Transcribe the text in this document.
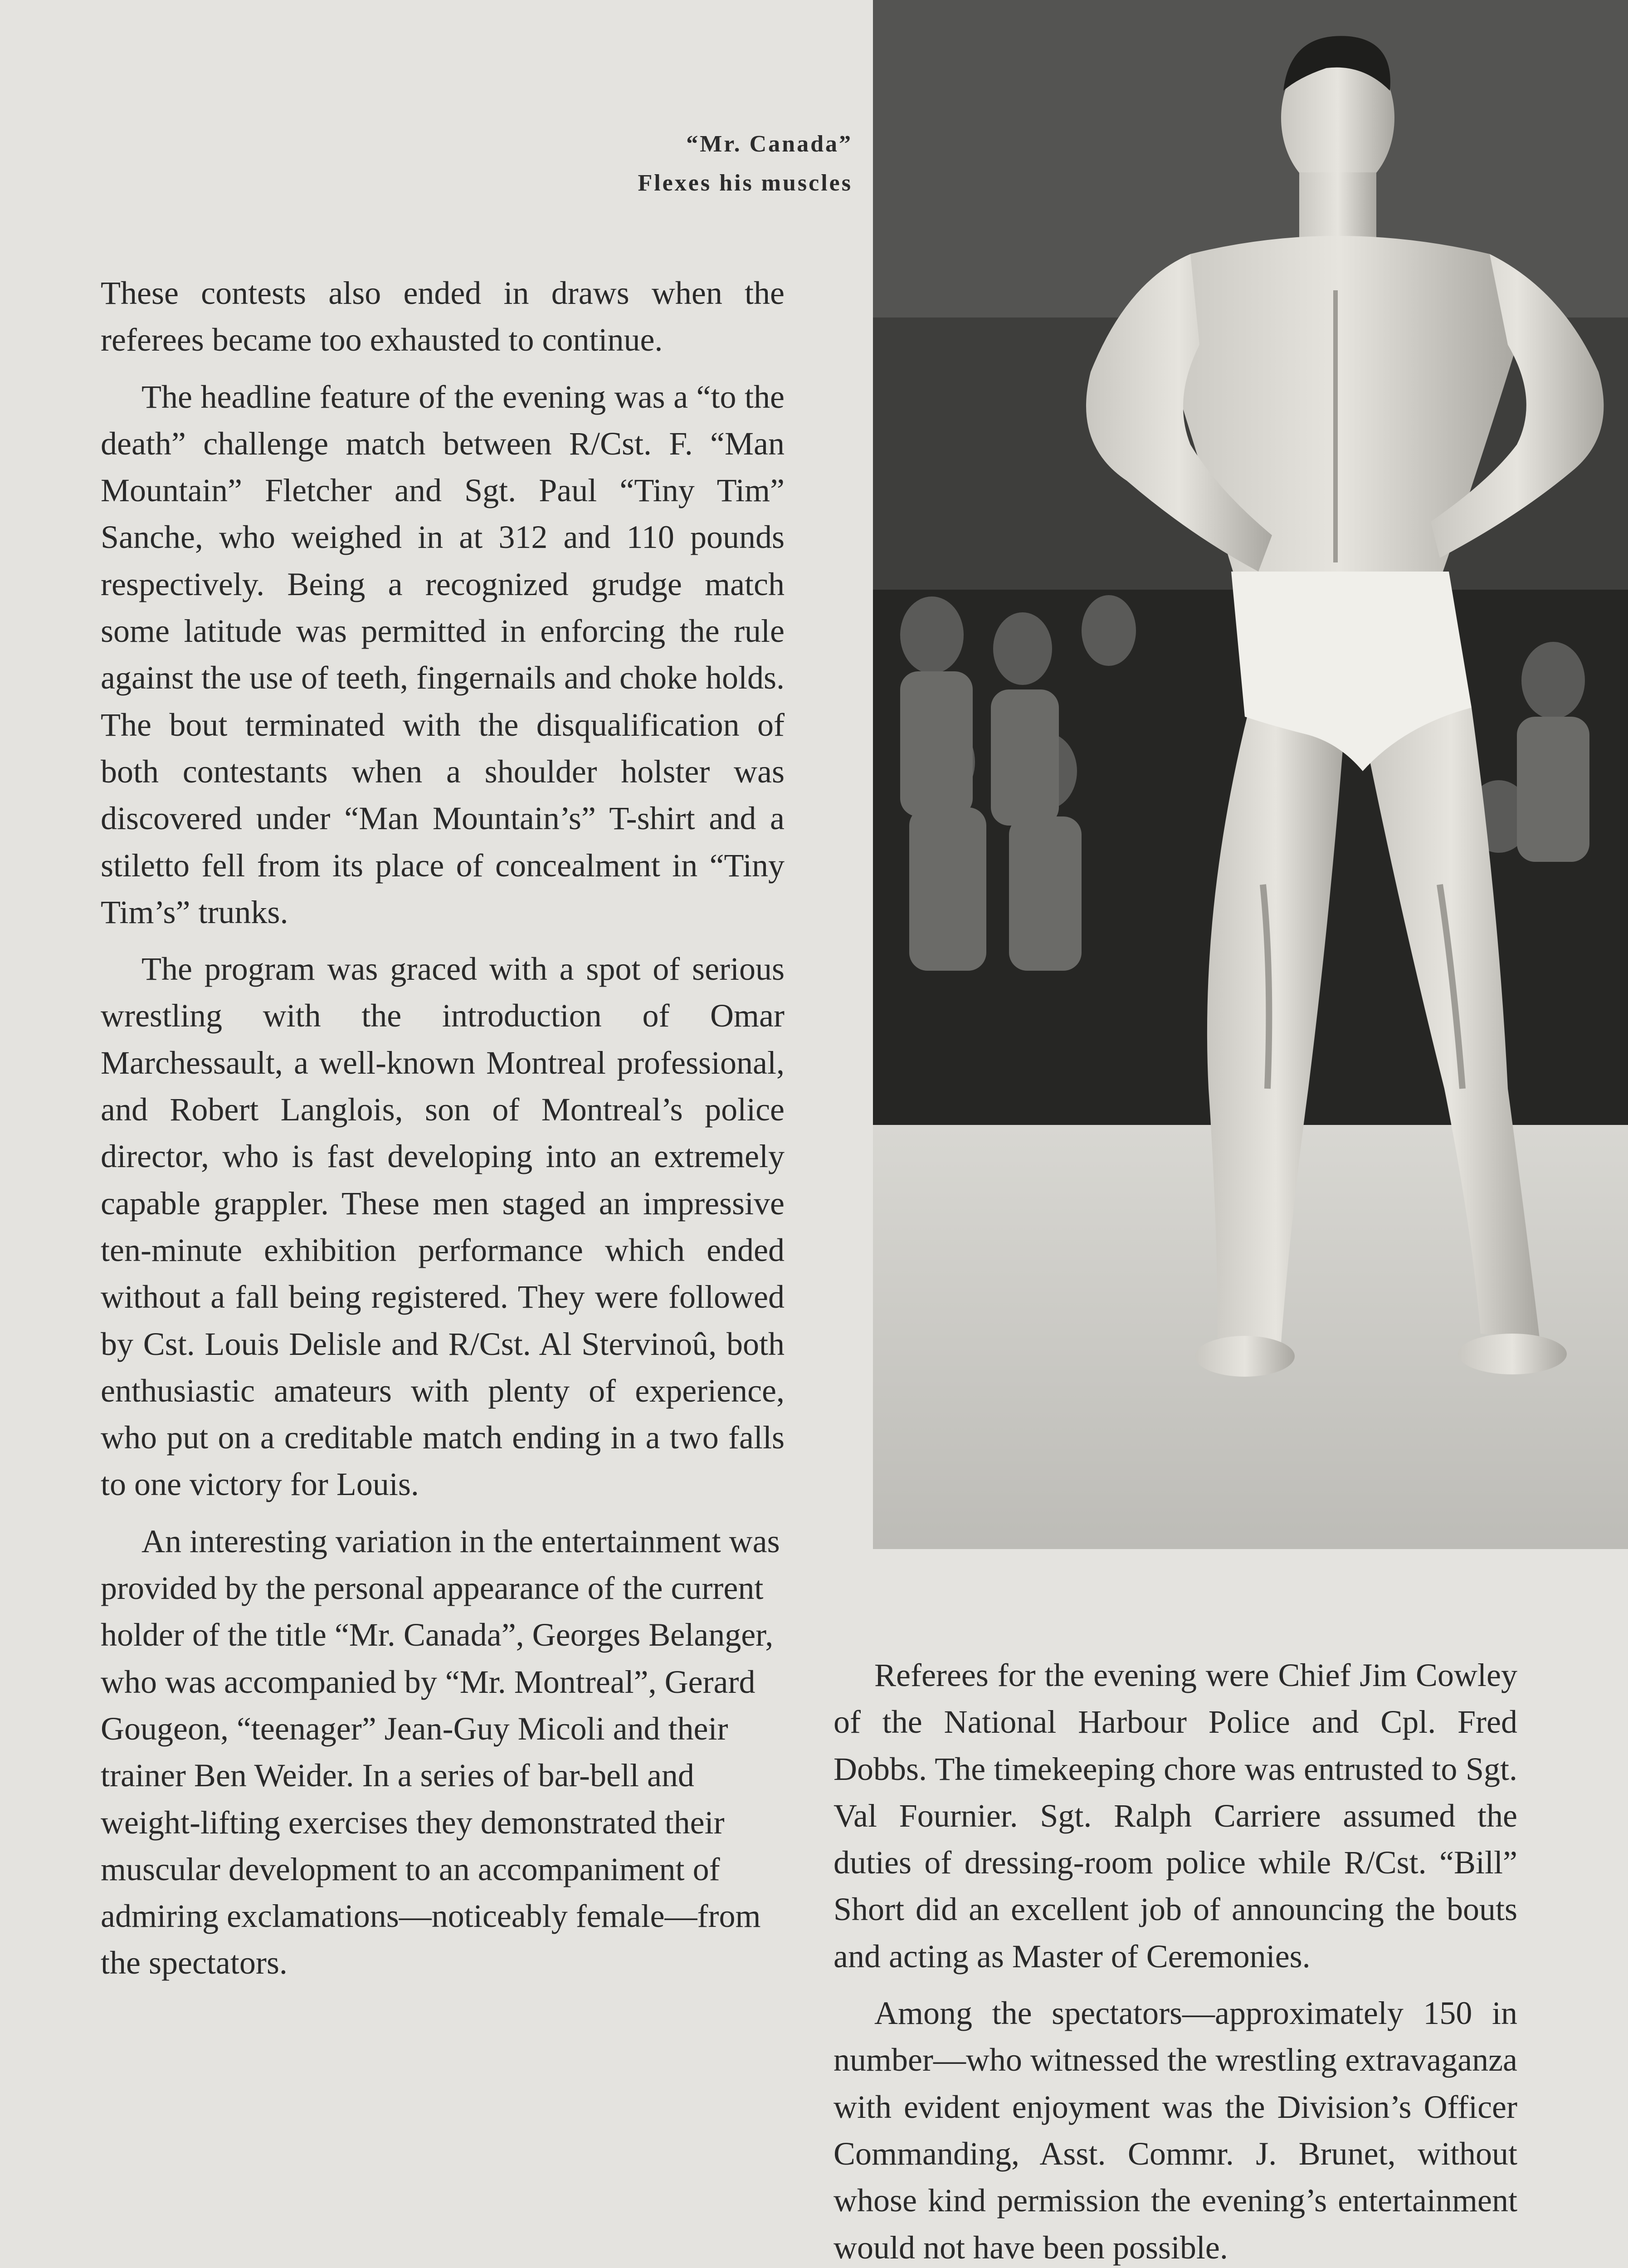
“Mr. Canada”
Flexes his muscles

These contests also ended in draws when the referees became too exhausted to continue.

The headline feature of the evening was a “to the death” challenge match between R/Cst. F. “Man Mountain” Fletcher and Sgt. Paul “Tiny Tim” Sanche, who weighed in at 312 and 110 pounds respectively. Being a recognized grudge match some latitude was permitted in enforcing the rule against the use of teeth, fingernails and choke holds. The bout terminated with the disqualification of both contestants when a shoulder holster was discovered under “Man Mountain’s” T-shirt and a stiletto fell from its place of concealment in “Tiny Tim’s” trunks.

The program was graced with a spot of serious wrestling with the introduction of Omar Marchessault, a well-known Montreal professional, and Robert Langlois, son of Montreal’s police director, who is fast developing into an extremely capable grappler. These men staged an impressive ten-minute exhibition performance which ended without a fall being registered. They were followed by Cst. Louis Delisle and R/Cst. Al Stervinoû, both enthusiastic amateurs with plenty of experience, who put on a creditable match ending in a two falls to one victory for Louis.

An interesting variation in the entertainment was provided by the personal appearance of the current holder of the title “Mr. Canada”, Georges Belanger, who was accompanied by “Mr. Montreal”, Gerard Gougeon, “teenager” Jean-Guy Micoli and their trainer Ben Weider. In a series of bar-bell and weight-lifting exercises they demonstrated their muscular development to an accompaniment of admiring exclamations—noticeably female—from the spectators.

Referees for the evening were Chief Jim Cowley of the National Harbour Police and Cpl. Fred Dobbs. The timekeeping chore was entrusted to Sgt. Val Fournier. Sgt. Ralph Carriere assumed the duties of dressing-room police while R/Cst. “Bill” Short did an excellent job of announcing the bouts and acting as Master of Ceremonies.

Among the spectators—approximately 150 in number—who witnessed the wrestling extravaganza with evident enjoyment was the Division’s Officer Commanding, Asst. Commr. J. Brunet, without whose kind permission the evening’s entertainment would not have been possible.
